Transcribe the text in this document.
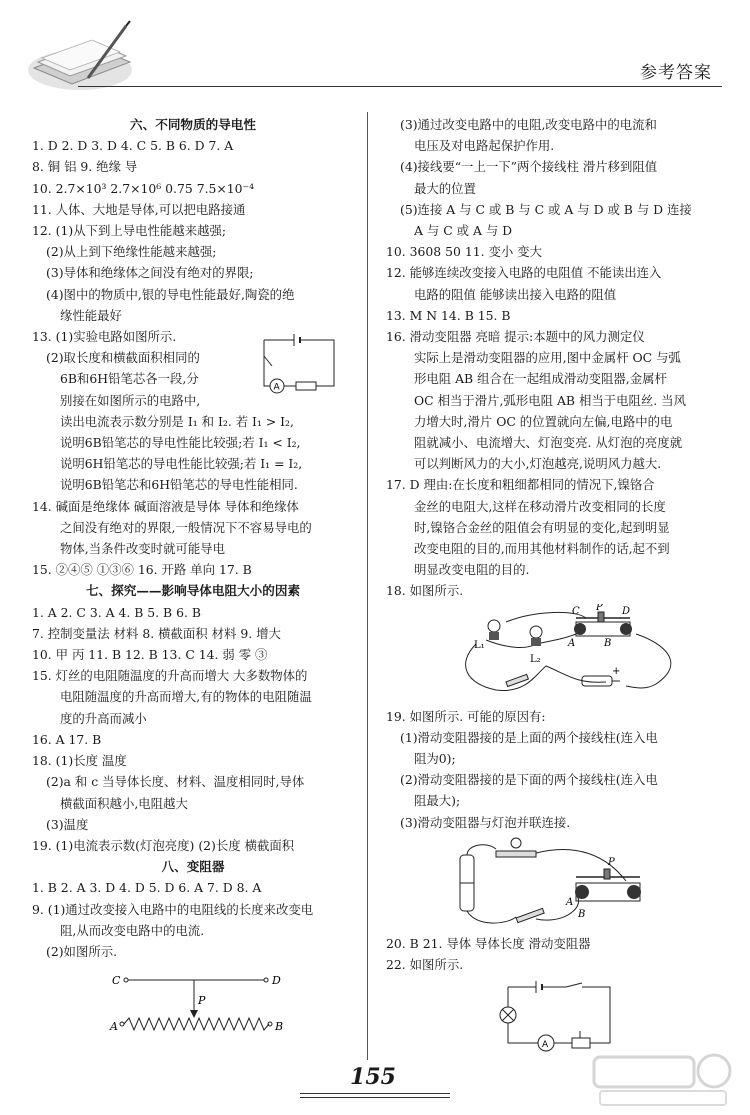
参考答案

六、不同物质的导电性

1. D 2. D 3. D 4. C 5. B 6. D 7. A

8. 铜 铝 9. 绝缘 导

10. 2.7×10³ 2.7×10⁶ 0.75 7.5×10⁻⁴

11. 人体、大地是导体,可以把电路接通

12. (1)从下到上导电性能越来越强;

(2)从上到下绝缘性能越来越强;

(3)导体和绝缘体之间没有绝对的界限;

(4)图中的物质中,银的导电性能最好,陶瓷的绝

缘性能最好

13. (1)实验电路如图所示.

(2)取长度和横截面积相同的

6B和6H铅笔芯各一段,分

别接在如图所示的电路中,

A

读出电流表示数分别是 I₁ 和 I₂. 若 I₁ > I₂,

说明6B铅笔芯的导电性能比较强;若 I₁ < I₂,

说明6H铅笔芯的导电性能比较强;若 I₁ = I₂,

说明6B铅笔芯和6H铅笔芯的导电性能相同.

14. 碱面是绝缘体 碱面溶液是导体 导体和绝缘体

之间没有绝对的界限,一般情况下不容易导电的

物体,当条件改变时就可能导电

15. ②④⑤ ①③⑥ 16. 开路 单向 17. B

七、探究——影响导体电阻大小的因素

1. A 2. C 3. A 4. B 5. B 6. B

7. 控制变量法 材料 8. 横截面积 材料 9. 增大

10. 甲 丙 11. B 12. B 13. C 14. 弱 零 ③

15. 灯丝的电阻随温度的升高而增大 大多数物体的

电阻随温度的升高而增大,有的物体的电阻随温

度的升高而减小

16. A 17. B

18. (1)长度 温度

(2)a 和 c 当导体长度、材料、温度相同时,导体

横截面积越小,电阻越大

(3)温度

19. (1)电流表示数(灯泡亮度) (2)长度 横截面积

八、变阻器

1. B 2. A 3. D 4. D 5. D 6. A 7. D 8. A

9. (1)通过改变接入电路中的电阻线的长度来改变电

阻,从而改变电路中的电流.

(2)如图所示.

C	D
P
A	B

(3)通过改变电路中的电阻,改变电路中的电流和

电压及对电路起保护作用.

(4)接线要“一上一下”两个接线柱 滑片移到阻值

最大的位置

(5)连接 A 与 C 或 B 与 C 或 A 与 D 或 B 与 D 连接

A 与 C 或 A 与 D

10. 3608 50 11. 变小 变大

12. 能够连续改变接入电路的电阻值 不能读出连入

电路的阻值 能够读出接入电路的阻值

13. M N 14. B 15. B

16. 滑动变阻器 亮暗 提示:本题中的风力测定仪

实际上是滑动变阻器的应用,图中金属杆 OC 与弧

形电阻 AB 组合在一起组成滑动变阻器,金属杆

OC 相当于滑片,弧形电阻 AB 相当于电阻丝. 当风

力增大时,滑片 OC 的位置就向左偏,电路中的电

阻就减小、电流增大、灯泡变亮. 从灯泡的亮度就

可以判断风力的大小,灯泡越亮,说明风力越大.

17. D 理由:在长度和粗细都相同的情况下,镍铬合

金丝的电阻大,这样在移动滑片改变相同的长度

时,镍铬合金丝的阻值会有明显的变化,起到明显

改变电阻的目的,而用其他材料制作的话,起不到

明显改变电阻的目的.

18. 如图所示.

C P D
A	B
L₁
L₂
+

19. 如图所示. 可能的原因有:

(1)滑动变阻器接的是上面的两个接线柱(连入电

阻为0);

(2)滑动变阻器接的是下面的两个接线柱(连入电

阻最大);

(3)滑动变阻器与灯泡并联连接.

P
A
B

20. B 21. 导体 导体长度 滑动变阻器

22. 如图所示.

A
155
